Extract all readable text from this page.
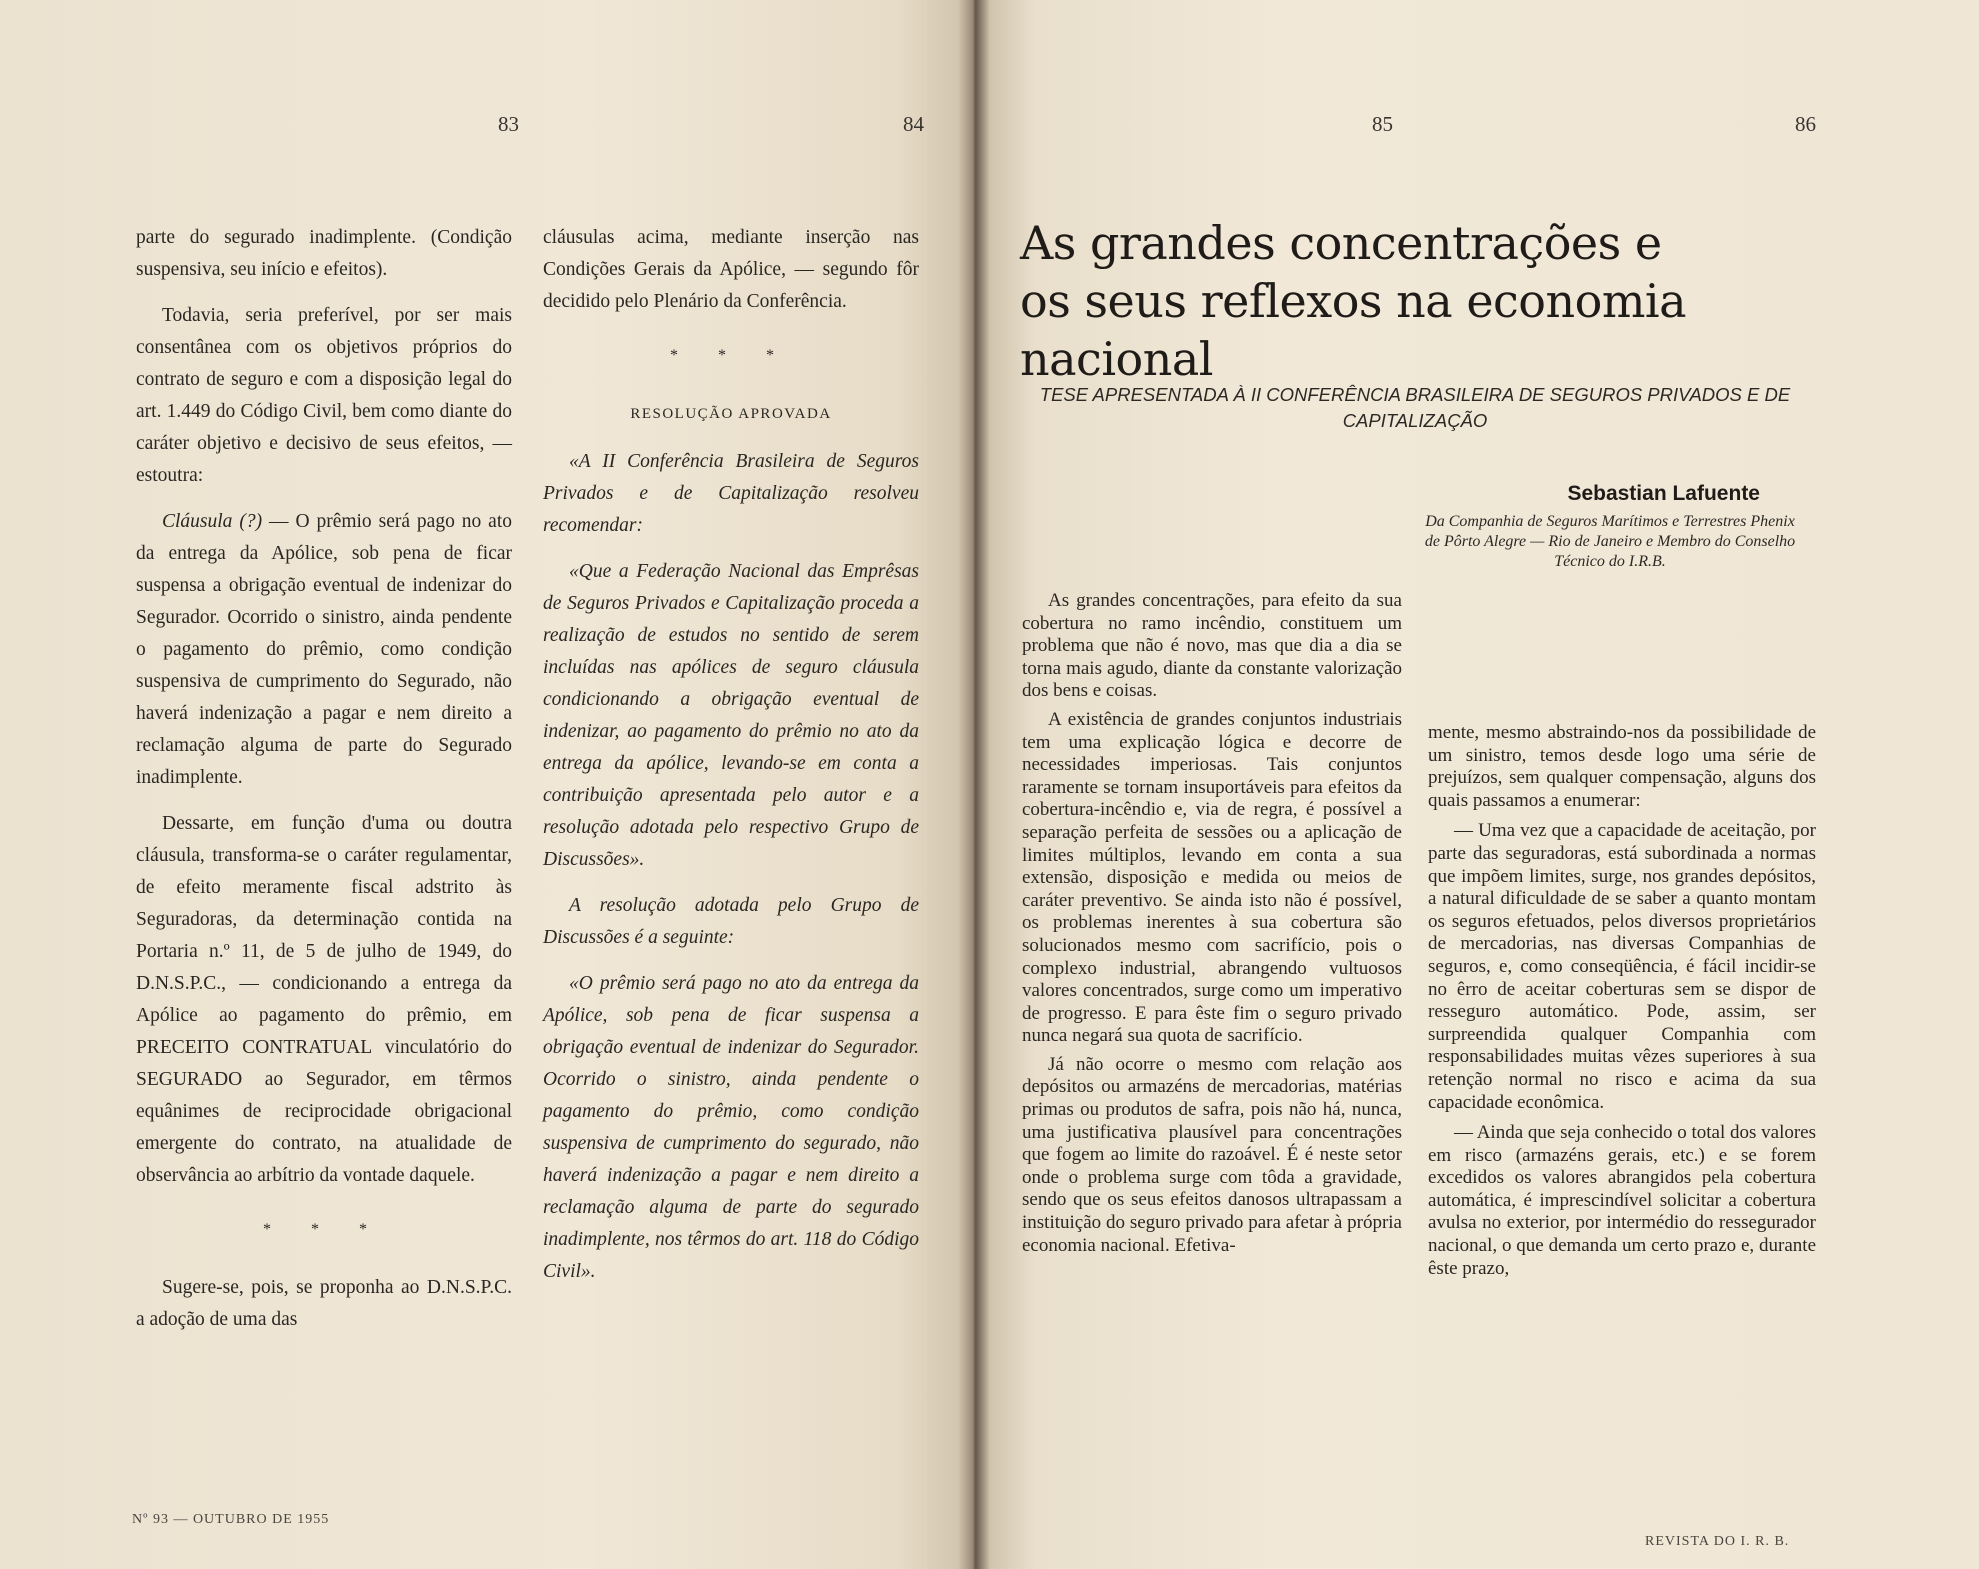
83	84

parte do segurado inadimplente. (Condição suspensiva, seu início e efeitos).

Todavia, seria preferível, por ser mais consentânea com os objetivos próprios do contrato de seguro e com a disposição legal do art. 1.449 do Código Civil, bem como diante do caráter objetivo e decisivo de seus efeitos, — estoutra:

Cláusula (?) — O prêmio será pago no ato da entrega da Apólice, sob pena de ficar suspensa a obrigação eventual de indenizar do Segurador. Ocorrido o sinistro, ainda pendente o pagamento do prêmio, como condição suspensiva de cumprimento do Segurado, não haverá indenização a pagar e nem direito a reclamação alguma de parte do Segurado inadimplente.

Dessarte, em função d'uma ou doutra cláusula, transforma-se o caráter regulamentar, de efeito meramente fiscal adstrito às Seguradoras, da determinação contida na Portaria n.º 11, de 5 de julho de 1949, do D.N.S.P.C., — condicionando a entrega da Apólice ao pagamento do prêmio, em PRECEITO CONTRATUAL vinculatório do SEGURADO ao Segurador, em têrmos equânimes de reciprocidade obrigacional emergente do contrato, na atualidade de observância ao arbítrio da vontade daquele.

* * *

Sugere-se, pois, se proponha ao D.N.S.P.C. a adoção de uma das

cláusulas acima, mediante inserção nas Condições Gerais da Apólice, — segundo fôr decidido pelo Plenário da Conferência.

* * *
RESOLUÇÃO APROVADA

«A II Conferência Brasileira de Seguros Privados e de Capitalização resolveu recomendar:

«Que a Federação Nacional das Emprêsas de Seguros Privados e Capitalização proceda a realização de estudos no sentido de serem incluídas nas apólices de seguro cláusula condicionando a obrigação eventual de indenizar, ao pagamento do prêmio no ato da entrega da apólice, levando-se em conta a contribuição apresentada pelo autor e a resolução adotada pelo respectivo Grupo de Discussões».

A resolução adotada pelo Grupo de Discussões é a seguinte:

«O prêmio será pago no ato da entrega da Apólice, sob pena de ficar suspensa a obrigação eventual de indenizar do Segurador. Ocorrido o sinistro, ainda pendente o pagamento do prêmio, como condição suspensiva de cumprimento do segurado, não haverá indenização a pagar e nem direito a reclamação alguma de parte do segurado inadimplente, nos têrmos do art. 118 do Código Civil».

Nº 93 — OUTUBRO DE 1955
85	86
REVISTA DO I. R. B.
As grandes concentrações e os seus reflexos na economia nacional
TESE APRESENTADA À II CONFERÊNCIA BRASILEIRA DE SEGUROS PRIVADOS E DE CAPITALIZAÇÃO
Sebastian Lafuente
Da Companhia de Seguros Marítimos e Terrestres Phenix de Pôrto Alegre — Rio de Janeiro e Membro do Conselho Técnico do I.R.B.

As grandes concentrações, para efeito da sua cobertura no ramo incêndio, constituem um problema que não é novo, mas que dia a dia se torna mais agudo, diante da constante valorização dos bens e coisas.

A existência de grandes conjuntos industriais tem uma explicação lógica e decorre de necessidades imperiosas. Tais conjuntos raramente se tornam insuportáveis para efeitos da cobertura-incêndio e, via de regra, é possível a separação perfeita de sessões ou a aplicação de limites múltiplos, levando em conta a sua extensão, disposição e medida ou meios de caráter preventivo. Se ainda isto não é possível, os problemas inerentes à sua cobertura são solucionados mesmo com sacrifício, pois o complexo industrial, abrangendo vultuosos valores concentrados, surge como um imperativo de progresso. E para êste fim o seguro privado nunca negará sua quota de sacrifício.

Já não ocorre o mesmo com relação aos depósitos ou armazéns de mercadorias, matérias primas ou produtos de safra, pois não há, nunca, uma justificativa plausível para concentrações que fogem ao limite do razoável. É é neste setor onde o problema surge com tôda a gravidade, sendo que os seus efeitos danosos ultrapassam a instituição do seguro privado para afetar à própria economia nacional. Efetiva-

mente, mesmo abstraindo-nos da possibilidade de um sinistro, temos desde logo uma série de prejuízos, sem qualquer compensação, alguns dos quais passamos a enumerar:

— Uma vez que a capacidade de aceitação, por parte das seguradoras, está subordinada a normas que impõem limites, surge, nos grandes depósitos, a natural dificuldade de se saber a quanto montam os seguros efetuados, pelos diversos proprietários de mercadorias, nas diversas Companhias de seguros, e, como conseqüência, é fácil incidir-se no êrro de aceitar coberturas sem se dispor de resseguro automático. Pode, assim, ser surpreendida qualquer Companhia com responsabilidades muitas vêzes superiores à sua retenção normal no risco e acima da sua capacidade econômica.

— Ainda que seja conhecido o total dos valores em risco (armazéns gerais, etc.) e se forem excedidos os valores abrangidos pela cobertura automática, é imprescindível solicitar a cobertura avulsa no exterior, por intermédio do ressegurador nacional, o que demanda um certo prazo e, durante êste prazo,
